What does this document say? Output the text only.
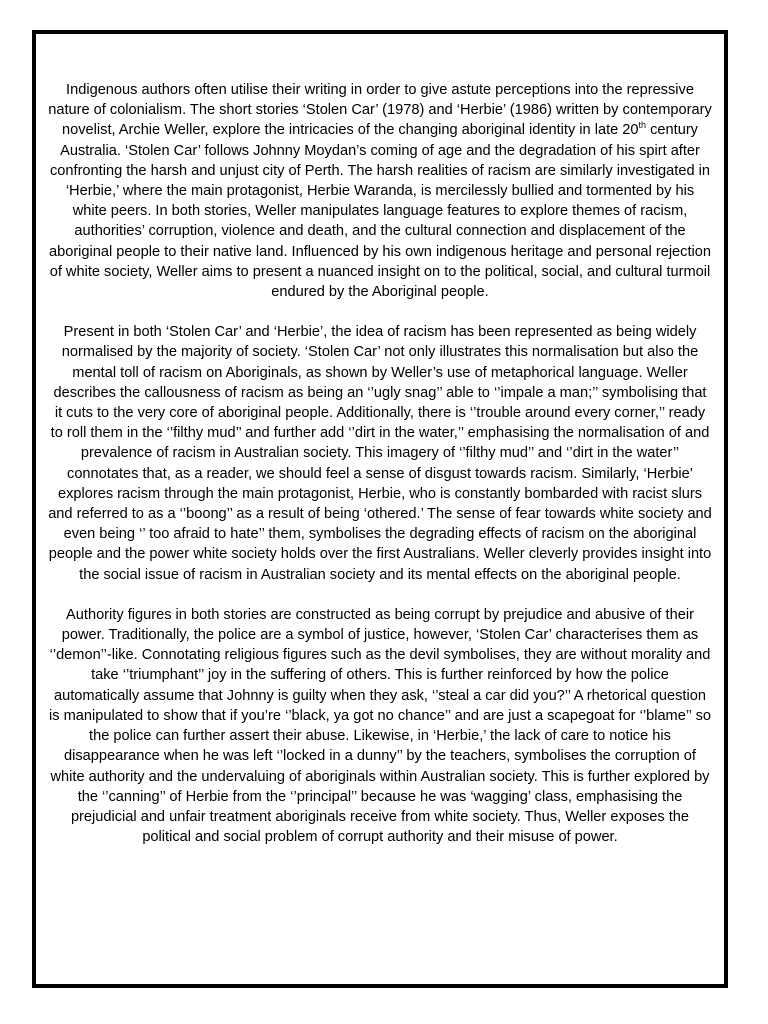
Indigenous authors often utilise their writing in order to give astute perceptions into the repressive nature of colonialism. The short stories ‘Stolen Car’ (1978) and ‘Herbie’ (1986) written by contemporary novelist, Archie Weller, explore the intricacies of the changing aboriginal identity in late 20th century Australia. ‘Stolen Car’ follows Johnny Moydan’s coming of age and the degradation of his spirt after confronting the harsh and unjust city of Perth. The harsh realities of racism are similarly investigated in ‘Herbie,’ where the main protagonist, Herbie Waranda, is mercilessly bullied and tormented by his white peers. In both stories, Weller manipulates language features to explore themes of racism, authorities’ corruption, violence and death, and the cultural connection and displacement of the aboriginal people to their native land. Influenced by his own indigenous heritage and personal rejection of white society, Weller aims to present a nuanced insight on to the political, social, and cultural turmoil endured by the Aboriginal people.

Present in both ‘Stolen Car’ and ‘Herbie’, the idea of racism has been represented as being widely normalised by the majority of society. ‘Stolen Car’ not only illustrates this normalisation but also the mental toll of racism on Aboriginals, as shown by Weller’s use of metaphorical language. Weller describes the callousness of racism as being an ‘’ugly snag’’ able to ‘’impale a man;’’ symbolising that it cuts to the very core of aboriginal people. Additionally, there is ‘’trouble around every corner,’’ ready to roll them in the ‘’filthy mud’’ and further add ‘’dirt in the water,’’ emphasising the normalisation of and prevalence of racism in Australian society. This imagery of ‘’filthy mud’’ and ‘’dirt in the water’’ connotates that, as a reader, we should feel a sense of disgust towards racism. Similarly, ‘Herbie’ explores racism through the main protagonist, Herbie, who is constantly bombarded with racist slurs and referred to as a ‘’boong’’ as a result of being ‘othered.’ The sense of fear towards white society and even being ‘’ too afraid to hate’’ them, symbolises the degrading effects of racism on the aboriginal people and the power white society holds over the first Australians. Weller cleverly provides insight into the social issue of racism in Australian society and its mental effects on the aboriginal people.

Authority figures in both stories are constructed as being corrupt by prejudice and abusive of their power. Traditionally, the police are a symbol of justice, however, ‘Stolen Car’ characterises them as ‘’demon’’-like. Connotating religious figures such as the devil symbolises, they are without morality and take ‘’triumphant’’ joy in the suffering of others. This is further reinforced by how the police automatically assume that Johnny is guilty when they ask, ‘’steal a car did you?’’ A rhetorical question is manipulated to show that if you’re ‘’black, ya got no chance’’ and are just a scapegoat for ‘’blame’’ so the police can further assert their abuse. Likewise, in ‘Herbie,’ the lack of care to notice his disappearance when he was left ‘’locked in a dunny’’ by the teachers, symbolises the corruption of white authority and the undervaluing of aboriginals within Australian society. This is further explored by the ‘’canning’’ of Herbie from the ‘’principal’’ because he was ‘wagging’ class, emphasising the prejudicial and unfair treatment aboriginals receive from white society. Thus, Weller exposes the political and social problem of corrupt authority and their misuse of power.
